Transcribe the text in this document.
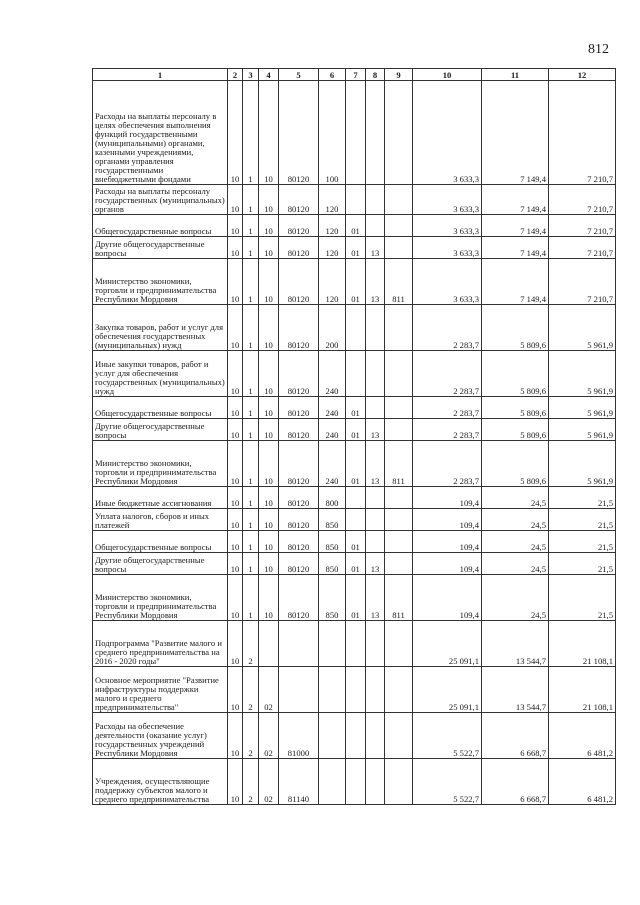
812
1	2	3	4	5	6	7	8	9	10	11	12
Расходы на выплаты персоналу в целях обеспечения выполнения функций государственными (муниципальными) органами, казенными учреждениями, органами управления государственными внебюджетными фондами	10	1	10	80120	100				3 633,3	7 149,4	7 210,7
Расходы на выплаты персоналу государственных (муниципальных) органов	10	1	10	80120	120				3 633,3	7 149,4	7 210,7
Общегосударственные вопросы	10	1	10	80120	120	01			3 633,3	7 149,4	7 210,7
Другие общегосударственные вопросы	10	1	10	80120	120	01	13		3 633,3	7 149,4	7 210,7
Министерство экономики, торговли и предпринимательства Республики Мордовия	10	1	10	80120	120	01	13	811	3 633,3	7 149,4	7 210,7
Закупка товаров, работ и услуг для обеспечения государственных (муниципальных) нужд	10	1	10	80120	200				2 283,7	5 809,6	5 961,9
Иные закупки товаров, работ и услуг для обеспечения государственных (муниципальных) нужд	10	1	10	80120	240				2 283,7	5 809,6	5 961,9
Общегосударственные вопросы	10	1	10	80120	240	01			2 283,7	5 809,6	5 961,9
Другие общегосударственные вопросы	10	1	10	80120	240	01	13		2 283,7	5 809,6	5 961,9
Министерство экономики, торговли и предпринимательства Республики Мордовия	10	1	10	80120	240	01	13	811	2 283,7	5 809,6	5 961,9
Иные бюджетные ассигнования	10	1	10	80120	800				109,4	24,5	21,5
Уплата налогов, сборов и иных платежей	10	1	10	80120	850				109,4	24,5	21,5
Общегосударственные вопросы	10	1	10	80120	850	01			109,4	24,5	21,5
Другие общегосударственные вопросы	10	1	10	80120	850	01	13		109,4	24,5	21,5
Министерство экономики, торговли и предпринимательства Республики Мордовия	10	1	10	80120	850	01	13	811	109,4	24,5	21,5
Подпрограмма "Развитие малого и среднего предпринимательства на 2016 - 2020 годы"	10	2							25 091,1	13 544,7	21 108,1
Основное мероприятие "Развитие инфраструктуры поддержки малого и среднего предпринимательства"	10	2	02						25 091,1	13 544,7	21 108,1
Расходы на обеспечение деятельности (оказание услуг) государственных учреждений Республики Мордовия	10	2	02	81000					5 522,7	6 668,7	6 481,2
Учреждения, осуществляющие поддержку субъектов малого и среднего предпринимательства	10	2	02	81140					5 522,7	6 668,7	6 481,2
